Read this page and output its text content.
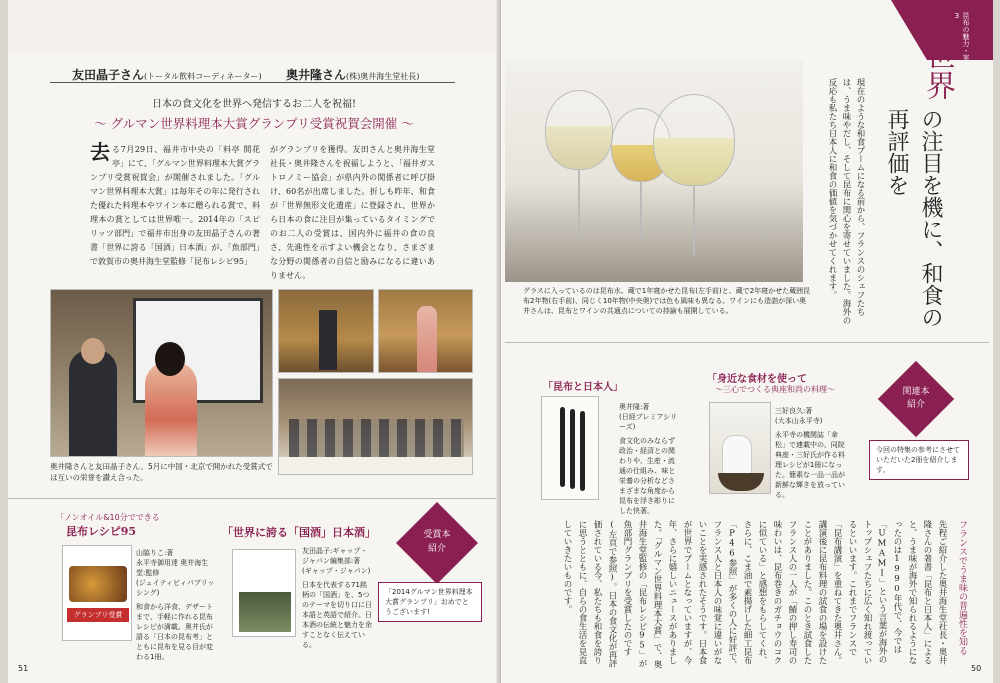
友田晶子さん(トータル飲料コーディネーター) 奥井隆さん(株)奥井海生堂社長)
日本の食文化を世界へ発信するお二人を祝福!
〜 グルマン世界料理本大賞グランプリ受賞祝賀会開催 〜
去る7月29日、福井市中央の「料亭 開花亭」にて、「グルマン世界料理本大賞グランプリ受賞祝賀会」が開催されました。「グルマン世界料理本大賞」は毎年その年に発行された優れた料理本やワイン本に贈られる賞で、料理本の賞としては世界唯一。2014年の「スピリッツ部門」で福井市出身の友田晶子さんの著書「世界に誇る「国酒」日本酒」が、「魚部門」で敦賀市の奥井海生堂監修「昆布レシピ95」
がグランプリを獲得。友田さんと奥井海生堂社長・奥井隆さんを祝福しようと、「福井ガストロノミー協会」が県内外の関係者に呼び掛け、60名が出席しました。折しも昨年、和食が「世界無形文化遺産」に登録され、世界から日本の食に注目が集っているタイミングでのお二人の受賞は、国内外に福井の食の良さ、先進性を示すよい機会となり、さまざまな分野の関係者の自信と励みになるに違いありません。
奥井隆さんと友田晶子さん。5月に中国・北京で開かれた受賞式では互いの栄誉を讃え合った。
「ノンオイル&10分でできる
昆布レシピ95
グランプリ受賞
山脇りこ:著
永平寺御用達 奥井海生堂:監修
(ジェイティビィパブリッシング)
和食から洋食、デザートまで、手軽に作れる昆布レシピが満載。奥井氏が語る「日本の昆布考」とともに昆布を見る目が変わる1冊。
「世界に誇る「国酒」日本酒」
友田晶子:ギャップ・ジャパン編集部:著
(ギャップ・ジャパン)
日本を代表する71銘柄の「国酒」を、5つのテーマを切り口に日本語と英語で紹介。日本酒の伝統と魅力を余すことなく伝えている。
受賞本
紹介
「2014グルマン世界料理本大賞グランプリ」おめでとうございます!
51
グラスに入っているのは昆布水。蔵で1年寝かせた昆布(左手前)と、蔵で2年寝かせた蔵囲昆布2年物(右手前)、同じく10年物(中央奥)では色も風味も異なる。ワインにも造詣が深い奥井さんは、昆布とワインの共通点についての持論も展開している。
昆布の魅力・実力3
世界
の注目を機に、和食の再評価を
現在のような和食ブームになる前から、フランスのシェフたちは、うま味やだし、そして昆布に関心を寄せていました。海外の反応も私たち日本人に和食の価値を気づかせてくれます。
「昆布と日本人」
奥井隆:著
(日経プレミアシリーズ)
食文化のみならず政治・経済との関わりや、生産・流通の仕組み、味と栄養の分析などさまざまな角度から昆布を浮き彫りにした快著。
「身近な食材を使って
〜三心でつくる典座和尚の料理〜
三好良久:著
(大本山永平寺)
永平寺の機関誌「傘松」で連載中の、同院典座・三好氏が作る料理レシピが1冊になった。簡素な一品一品が新鮮な輝きを放っている。
関連本
紹介
今回の特集の参考にさせていただいた2冊を紹介します。
フランスでうま味の普遍性を知る
先程ご紹介した奥井海生堂社長・奥井隆さんの著書「昆布と日本人」によると、うま味が海外で知られるようになったのは1990年代で、今では「UMAMI」という言葉が海外のトップシェフたちに広く知れ渡っているといいます。これまでフランスで「昆布講演」を重ねてきた奥井さん。講演後に昆布料理の試食の場を設けたことがありました。このとき試食したフランス人の一人が「鯖の押し寿司の味わいは、昆布巻きのガチョウのコクに似ている」と感想をもらしてくれ、さらに、こま油で素揚げした細工昆布「P46参照」が多くの人に好評で、フランス人と日本人の味覚に違いがないことを実感されたそうです。日本食が世界でブームとなっていますが、今年、さらに嬉しいニュースがありました。「グルマン世界料理本大賞」で、奥井海生堂監修の「昆布レシピ95」が魚部門グランプリを受賞したのです(左頁で参照)。日本の食文化が再評価されている今、私たちも和食を誇りに思うとともに、自らの食生活を見直していきたいものです。
50
